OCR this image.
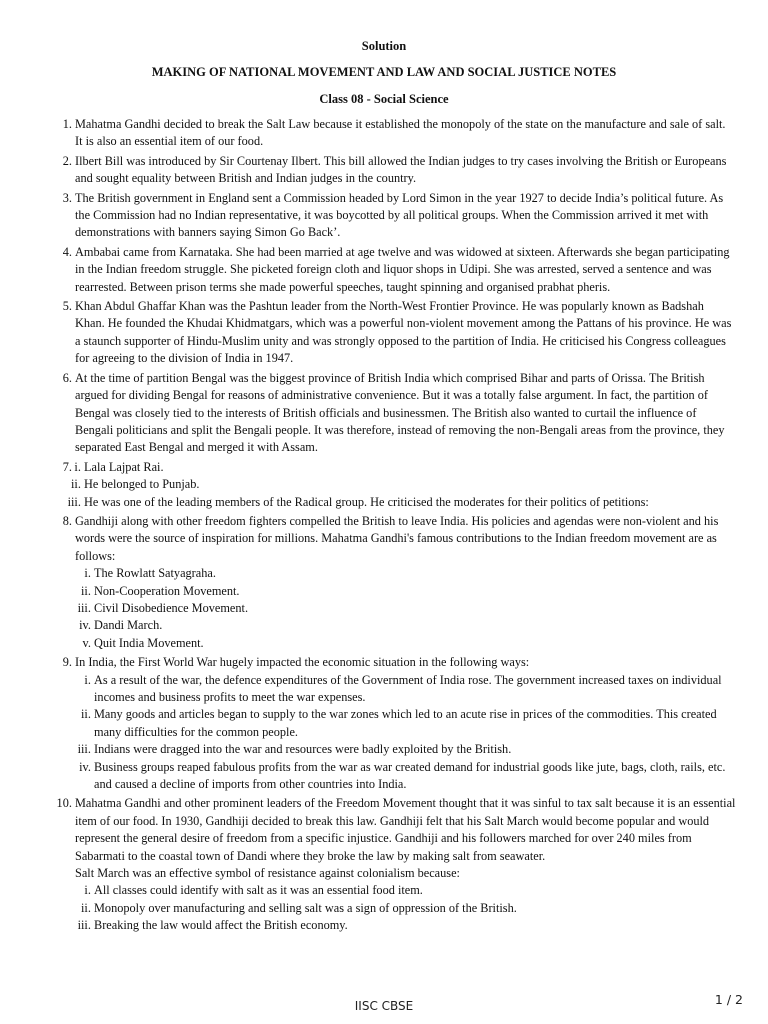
Solution

MAKING OF NATIONAL MOVEMENT AND LAW AND SOCIAL JUSTICE NOTES

Class 08 - Social Science

1. Mahatma Gandhi decided to break the Salt Law because it established the monopoly of the state on the manufacture and sale of salt. It is also an essential item of our food.
2. Ilbert Bill was introduced by Sir Courtenay Ilbert. This bill allowed the Indian judges to try cases involving the British or Europeans and sought equality between British and Indian judges in the country.
3. The British government in England sent a Commission headed by Lord Simon in the year 1927 to decide India’s political future. As the Commission had no Indian representative, it was boycotted by all political groups. When the Commission arrived it met with demonstrations with banners saying Simon Go Back’.
4. Ambabai came from Karnataka. She had been married at age twelve and was widowed at sixteen. Afterwards she began participating in the Indian freedom struggle. She picketed foreign cloth and liquor shops in Udipi. She was arrested, served a sentence and was rearrested. Between prison terms she made powerful speeches, taught spinning and organised prabhat pheris.
5. Khan Abdul Ghaffar Khan was the Pashtun leader from the North-West Frontier Province. He was popularly known as Badshah Khan. He founded the Khudai Khidmatgars, which was a powerful non-violent movement among the Pattans of his province. He was a staunch supporter of Hindu-Muslim unity and was strongly opposed to the partition of India. He criticised his Congress colleagues for agreeing to the division of India in 1947.
6. At the time of partition Bengal was the biggest province of British India which comprised Bihar and parts of Orissa. The British argued for dividing Bengal for reasons of administrative convenience. But it was a totally false argument. In fact, the partition of Bengal was closely tied to the interests of British officials and businessmen. The British also wanted to curtail the influence of Bengali politicians and split the Bengali people. It was therefore, instead of removing the non-Bengali areas from the province, they separated East Bengal and merged it with Assam.
i. 7. Lala Lajpat Rai.
ii. He belonged to Punjab.
iii. He was one of the leading members of the Radical group. He criticised the moderates for their politics of petitions:
8. Gandhiji along with other freedom fighters compelled the British to leave India. His policies and agendas were non-violent and his words were the source of inspiration for millions. Mahatma Gandhi's famous contributions to the Indian freedom movement are as follows:
i. The Rowlatt Satyagraha.
ii. Non-Cooperation Movement.
iii. Civil Disobedience Movement.
iv. Dandi March.
v. Quit India Movement.
9. In India, the First World War hugely impacted the economic situation in the following ways:
i. As a result of the war, the defence expenditures of the Government of India rose. The government increased taxes on individual incomes and business profits to meet the war expenses.
ii. Many goods and articles began to supply to the war zones which led to an acute rise in prices of the commodities. This created many difficulties for the common people.
iii. Indians were dragged into the war and resources were badly exploited by the British.
iv. Business groups reaped fabulous profits from the war as war created demand for industrial goods like jute, bags, cloth, rails, etc. and caused a decline of imports from other countries into India.
10. Mahatma Gandhi and other prominent leaders of the Freedom Movement thought that it was sinful to tax salt because it is an essential item of our food. In 1930, Gandhiji decided to break this law. Gandhiji felt that his Salt March would become popular and would represent the general desire of freedom from a specific injustice. Gandhiji and his followers marched for over 240 miles from Sabarmati to the coastal town of Dandi where they broke the law by making salt from seawater.
Salt March was an effective symbol of resistance against colonialism because:
i. All classes could identify with salt as it was an essential food item.
ii. Monopoly over manufacturing and selling salt was a sign of oppression of the British.
iii. Breaking the law would affect the British economy.
IISC CBSE	1 / 2
